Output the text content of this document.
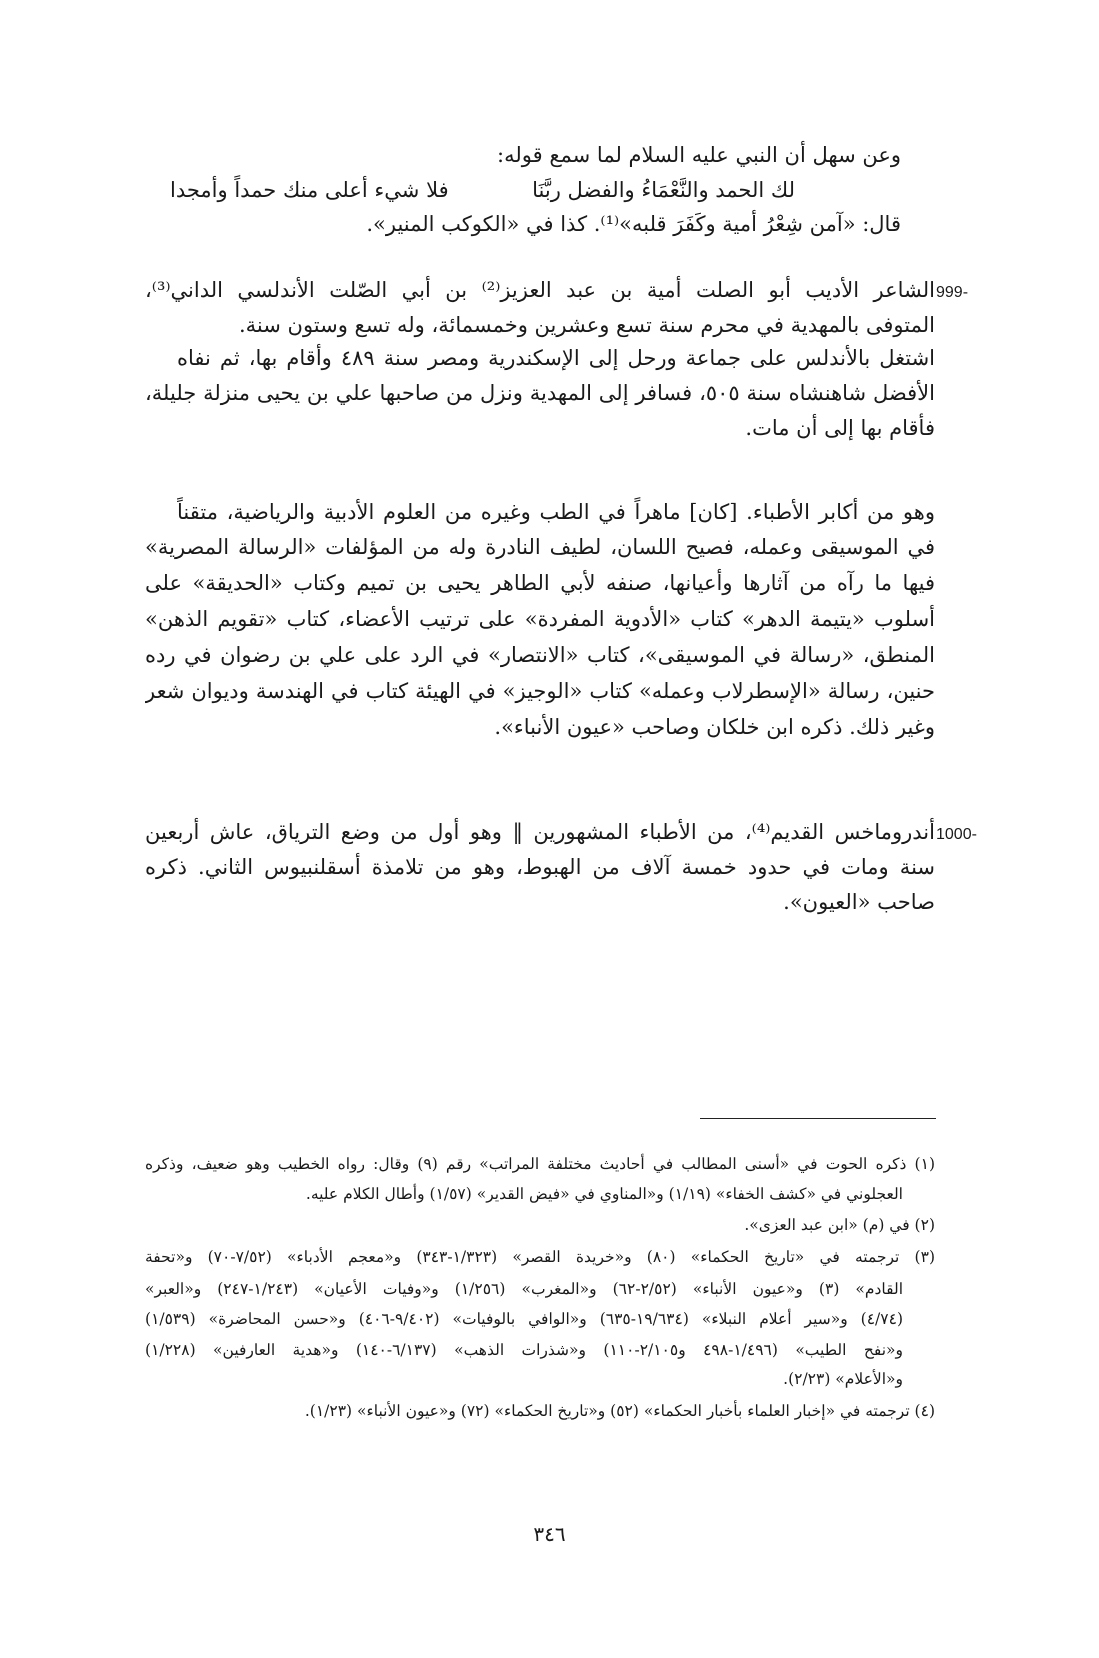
وعن سهل أن النبي عليه السلام لما سمع قوله:
لك الحمد والنَّعْمَاءُ والفضل ربَّنَا
فلا شيء أعلى منك حمداً وأمجدا
قال: «آمن شِعْرُ أمية وكَفَرَ قلبه»⁽¹⁾. كذا في «الكوكب المنير».
999-
الشاعر الأديب أبو الصلت أمية بن عبد العزيز⁽²⁾ بن أبي الصّلت الأندلسي الداني⁽³⁾،
المتوفى بالمهدية في محرم سنة تسع وعشرين وخمسمائة، وله تسع وستون سنة.
اشتغل بالأندلس على جماعة ورحل إلى الإسكندرية ومصر سنة ٤٨٩ وأقام بها، ثم نفاه
الأفضل شاهنشاه سنة ٥٠٥، فسافر إلى المهدية ونزل من صاحبها علي بن يحيى منزلة جليلة،
فأقام بها إلى أن مات.
وهو من أكابر الأطباء. [كان] ماهراً في الطب وغيره من العلوم الأدبية والرياضية، متقناً
في الموسيقى وعمله، فصيح اللسان، لطيف النادرة وله من المؤلفات «الرسالة المصرية»
فيها ما رآه من آثارها وأعيانها، صنفه لأبي الطاهر يحيى بن تميم وكتاب «الحديقة» على
أسلوب «يتيمة الدهر» كتاب «الأدوية المفردة» على ترتيب الأعضاء، كتاب «تقويم الذهن»
المنطق، «رسالة في الموسيقى»، كتاب «الانتصار» في الرد على علي بن رضوان في رده
حنين، رسالة «الإسطرلاب وعمله» كتاب «الوجيز» في الهيئة كتاب في الهندسة وديوان شعر
وغير ذلك. ذكره ابن خلكان وصاحب «عيون الأنباء».
1000-
أندروماخس القديم⁽⁴⁾، من الأطباء المشهورين ‖ وهو أول من وضع الترياق، عاش أربعين
سنة ومات في حدود خمسة آلاف من الهبوط، وهو من تلامذة أسقلنبيوس الثاني. ذكره
صاحب «العيون».
(١) ذكره الحوت في «أسنى المطالب في أحاديث مختلفة المراتب» رقم (٩) وقال: رواه الخطيب وهو ضعيف، وذكره
العجلوني في «كشف الخفاء» (١/١٩) و«المناوي في «فيض القدير» (١/٥٧) وأطال الكلام عليه.
(٢) في (م) «ابن عبد العزى».
(٣) ترجمته في «تاريخ الحكماء» (٨٠) و«خريدة القصر» (١/٣٢٣-٣٤٣) و«معجم الأدباء» (٧/٥٢-٧٠) و«تحفة
القادم» (٣) و«عيون الأنباء» (٢/٥٢-٦٢) و«المغرب» (١/٢٥٦) و«وفيات الأعيان» (١/٢٤٣-٢٤٧) و«العبر»
(٤/٧٤) و«سير أعلام النبلاء» (١٩/٦٣٤-٦٣٥) و«الوافي بالوفيات» (٩/٤٠٢-٤٠٦) و«حسن المحاضرة» (١/٥٣٩)
و«نفح الطيب» (١/٤٩٦-٤٩٨ و٢/١٠٥-١١٠) و«شذرات الذهب» (٦/١٣٧-١٤٠) و«هدية العارفين» (١/٢٢٨)
و«الأعلام» (٢/٢٣).
(٤) ترجمته في «إخبار العلماء بأخبار الحكماء» (٥٢) و«تاريخ الحكماء» (٧٢) و«عيون الأنباء» (١/٢٣).
٣٤٦
